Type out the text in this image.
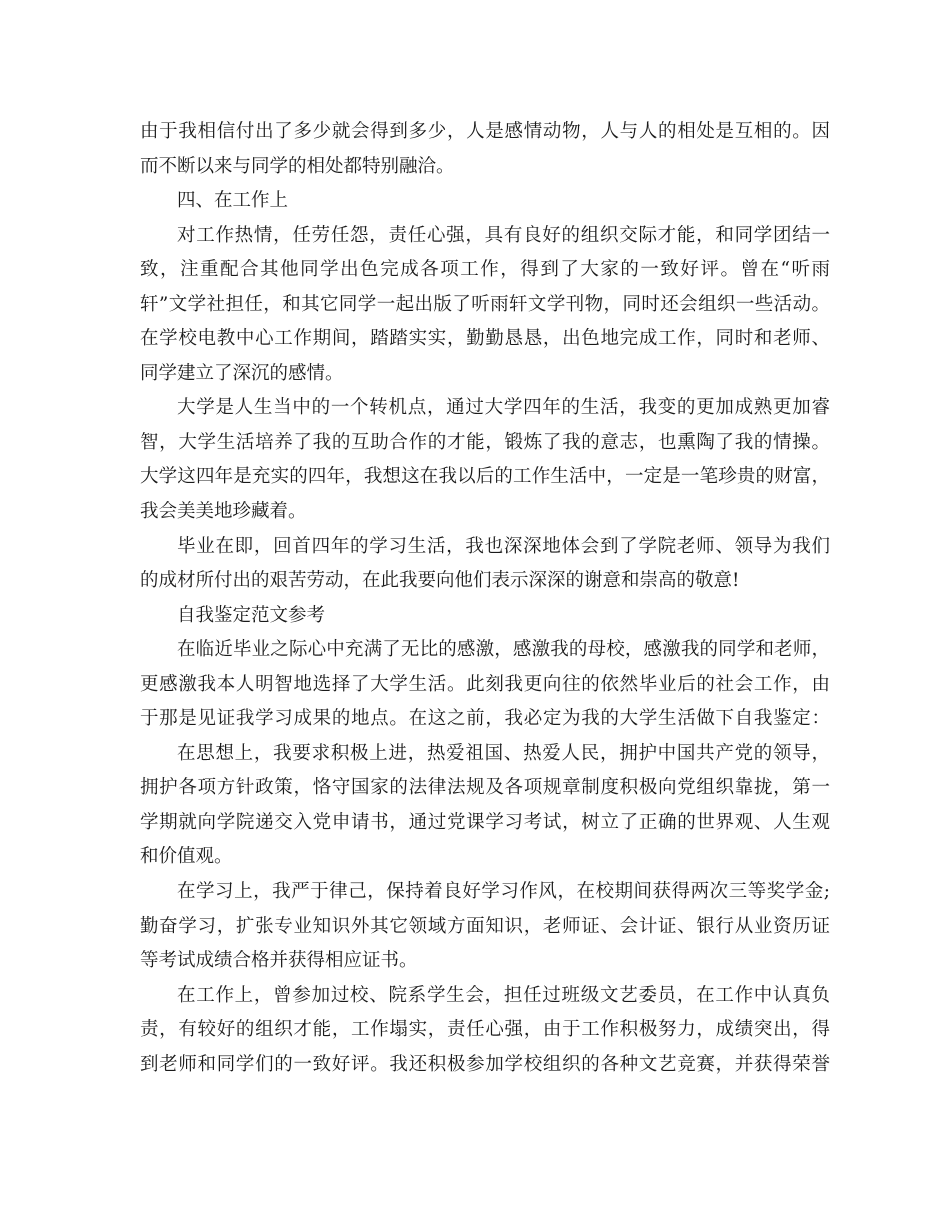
由于我相信付出了多少就会得到多少，人是感情动物，人与人的相处是互相的。因
而不断以来与同学的相处都特别融洽。
四、在工作上
对工作热情，任劳任怨，责任心强，具有良好的组织交际才能，和同学团结一
致，注重配合其他同学出色完成各项工作，得到了大家的一致好评。曾在“听雨
轩”文学社担任，和其它同学一起出版了听雨轩文学刊物，同时还会组织一些活动。
在学校电教中心工作期间，踏踏实实，勤勤恳恳，出色地完成工作，同时和老师、
同学建立了深沉的感情。
大学是人生当中的一个转机点，通过大学四年的生活，我变的更加成熟更加睿
智，大学生活培养了我的互助合作的才能，锻炼了我的意志，也熏陶了我的情操。
大学这四年是充实的四年，我想这在我以后的工作生活中，一定是一笔珍贵的财富，
我会美美地珍藏着。
毕业在即，回首四年的学习生活，我也深深地体会到了学院老师、领导为我们
的成材所付出的艰苦劳动，在此我要向他们表示深深的谢意和崇高的敬意!
自我鉴定范文参考
在临近毕业之际心中充满了无比的感激，感激我的母校，感激我的同学和老师，
更感激我本人明智地选择了大学生活。此刻我更向往的依然毕业后的社会工作，由
于那是见证我学习成果的地点。在这之前，我必定为我的大学生活做下自我鉴定：
在思想上，我要求积极上进，热爱祖国、热爱人民，拥护中国共产党的领导，
拥护各项方针政策，恪守国家的法律法规及各项规章制度积极向党组织靠拢，第一
学期就向学院递交入党申请书，通过党课学习考试，树立了正确的世界观、人生观
和价值观。
在学习上，我严于律己，保持着良好学习作风，在校期间获得两次三等奖学金;
勤奋学习，扩张专业知识外其它领域方面知识，老师证、会计证、银行从业资历证
等考试成绩合格并获得相应证书。
在工作上，曾参加过校、院系学生会，担任过班级文艺委员，在工作中认真负
责，有较好的组织才能，工作塌实，责任心强，由于工作积极努力，成绩突出，得
到老师和同学们的一致好评。我还积极参加学校组织的各种文艺竞赛，并获得荣誉
